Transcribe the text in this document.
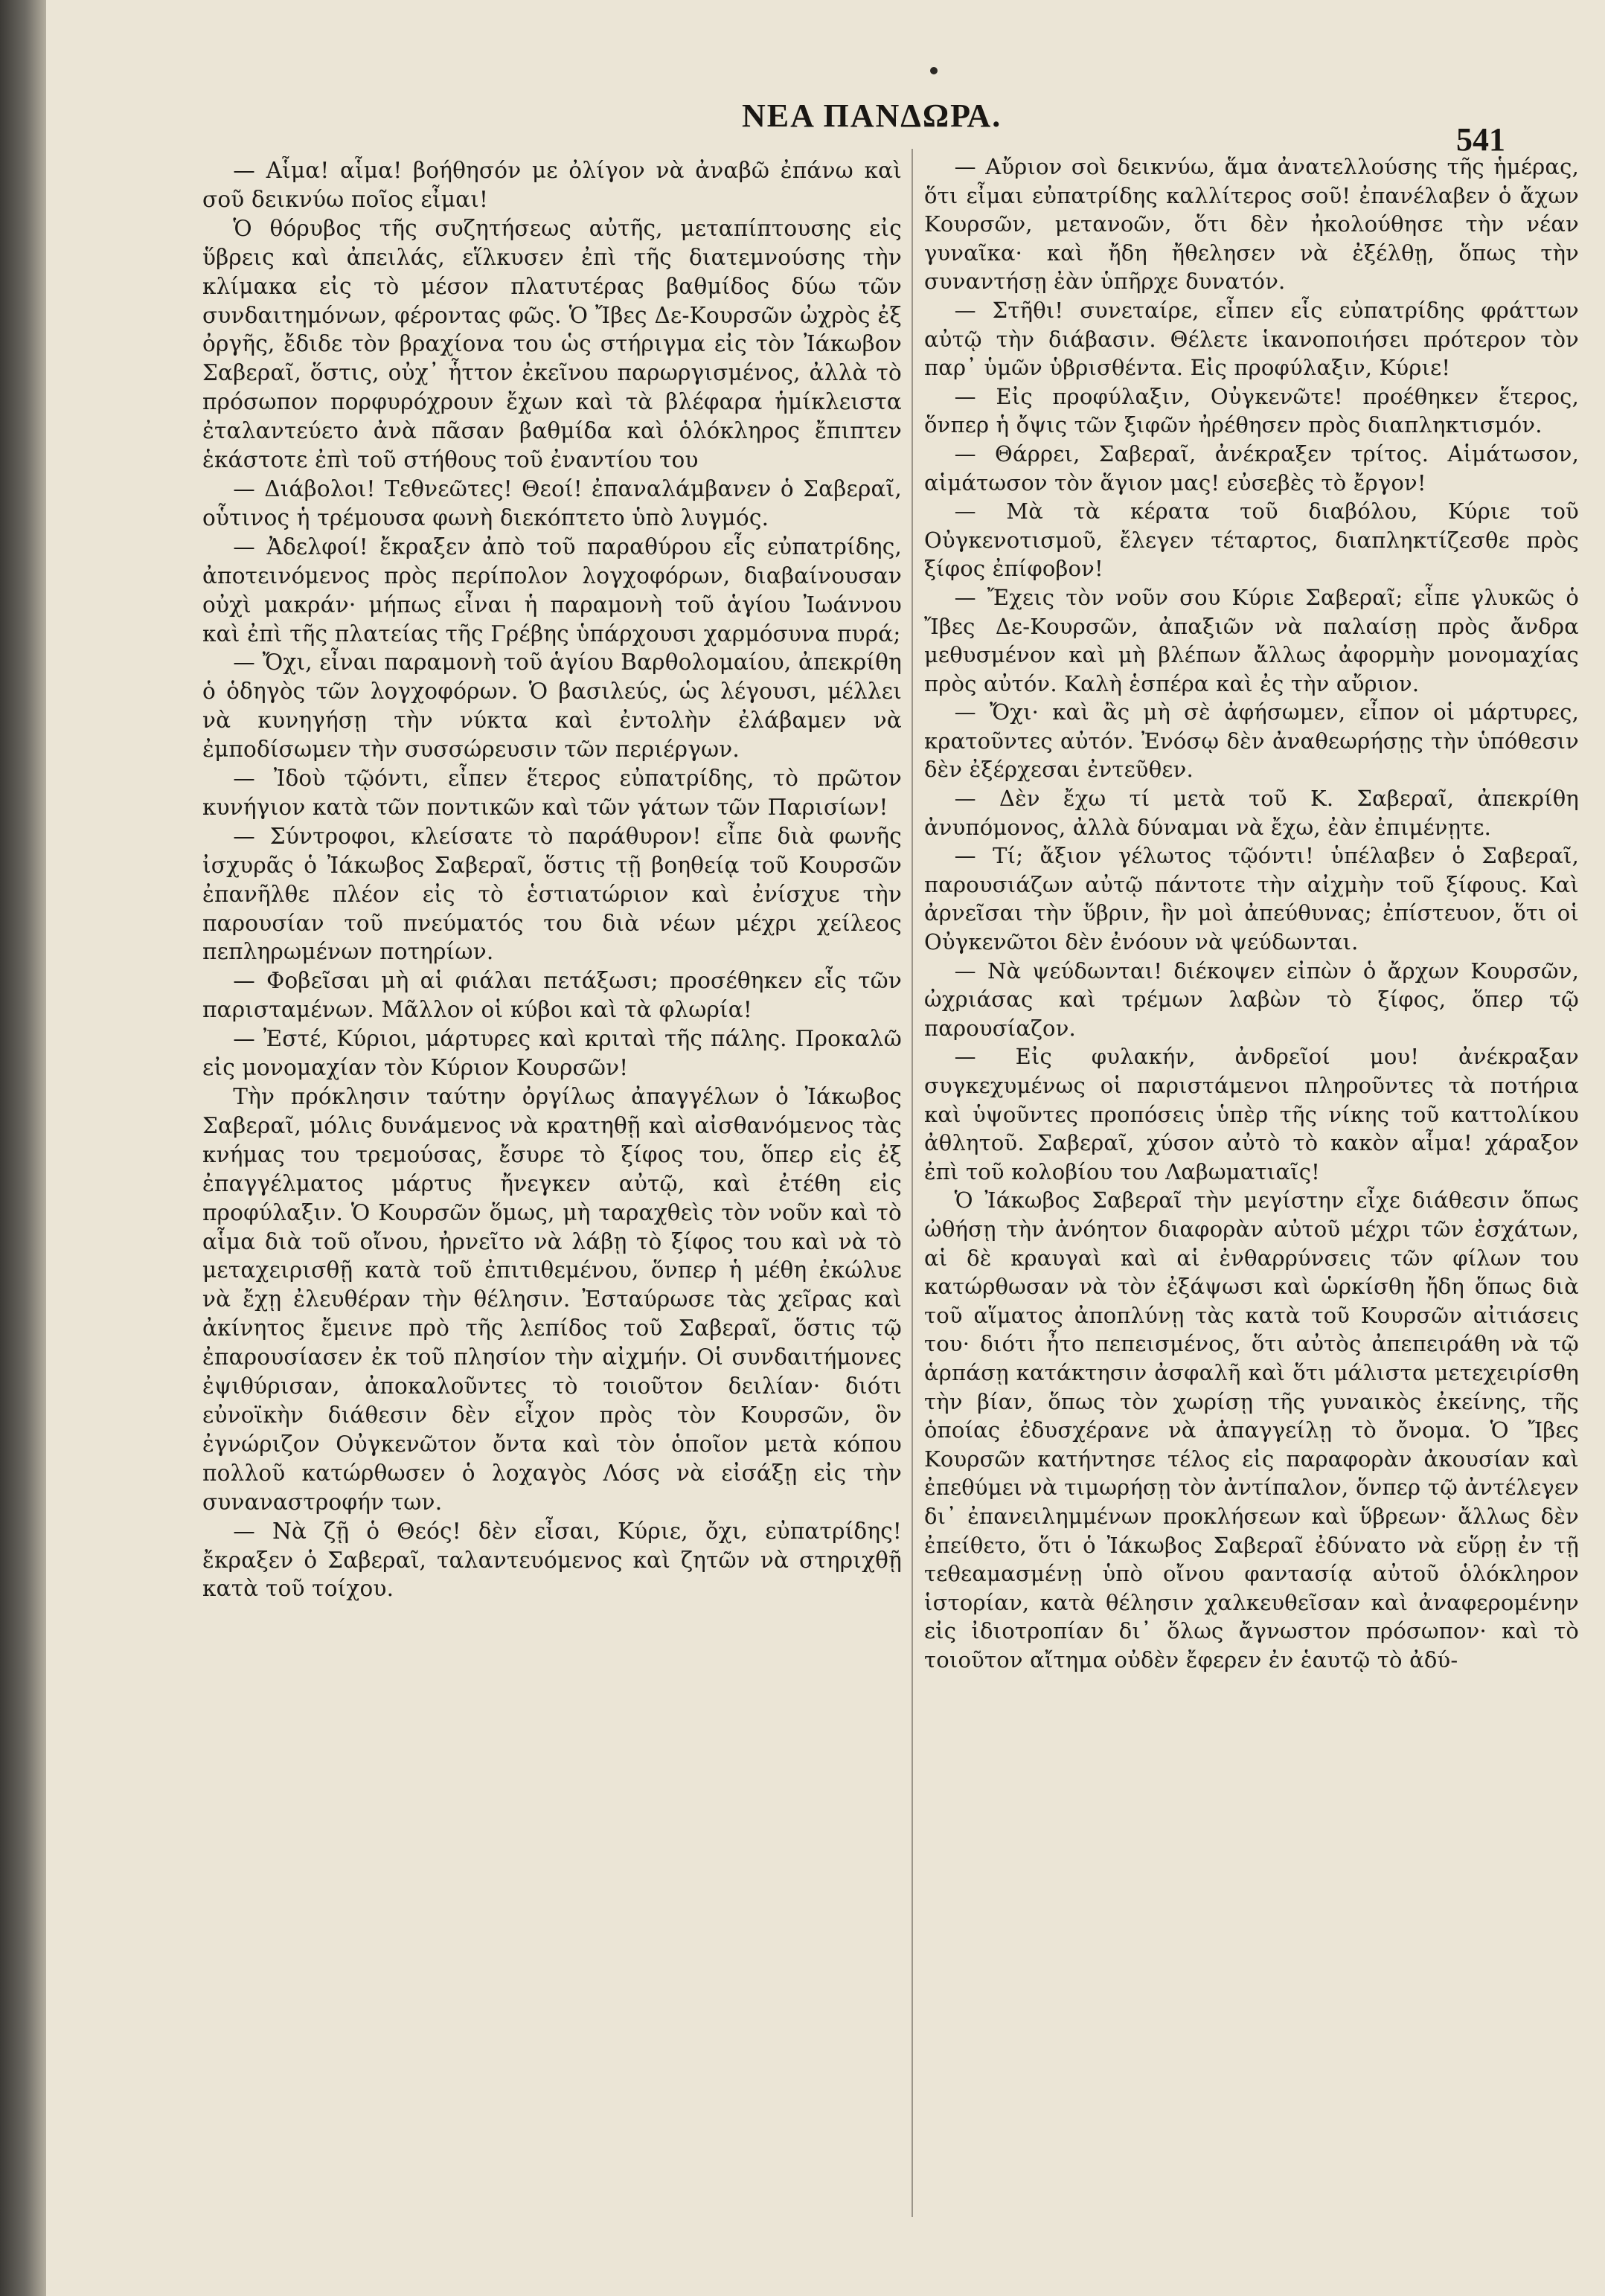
ΝΕΑ ΠΑΝΔΩΡΑ.
541

— Αἷμα! αἷμα! βοήθησόν με ὀλίγον νὰ ἀναβῶ ἐπάνω καὶ σοῦ δεικνύω ποῖος εἶμαι!

Ὁ θόρυβος τῆς συζητήσεως αὐτῆς, μεταπίπτουσης εἰς ὕβρεις καὶ ἀπειλάς, εἵλκυσεν ἐπὶ τῆς διατεμνούσης τὴν κλίμακα εἰς τὸ μέσον πλατυτέρας βαθμίδος δύω τῶν συνδαιτημόνων, φέροντας φῶς. Ὁ Ἴβες Δε-Κουρσῶν ὠχρὸς ἐξ ὀργῆς, ἔδιδε τὸν βραχίονα του ὡς στήριγμα εἰς τὸν Ἰάκωβον Σαβεραῖ, ὅστις, οὐχ᾽ ἧττον ἐκεῖνου παρωργισμένος, ἀλλὰ τὸ πρόσωπον πορφυρόχρουν ἔχων καὶ τὰ βλέφαρα ἡμίκλειστα ἐταλαντεύετο ἀνὰ πᾶσαν βαθμίδα καὶ ὁλόκληρος ἔπιπτεν ἑκάστοτε ἐπὶ τοῦ στήθους τοῦ ἐναντίου του

— Διάβολοι! Τεθνεῶτες! Θεοί! ἐπαναλάμβανεν ὁ Σαβεραῖ, οὗτινος ἡ τρέμουσα φωνὴ διεκόπτετο ὑπὸ λυγμός.

— Ἀδελφοί! ἔκραξεν ἀπὸ τοῦ παραθύρου εἷς εὐπατρίδης, ἀποτεινόμενος πρὸς περίπολον λογχοφόρων, διαβαίνουσαν οὐχὶ μακράν· μήπως εἶναι ἡ παραμονὴ τοῦ ἁγίου Ἰωάννου καὶ ἐπὶ τῆς πλατείας τῆς Γρέβης ὑπάρχουσι χαρμόσυνα πυρά;

— Ὄχι, εἶναι παραμονὴ τοῦ ἁγίου Βαρθολομαίου, ἀπεκρίθη ὁ ὁδηγὸς τῶν λογχοφόρων. Ὁ βασιλεύς, ὡς λέγουσι, μέλλει νὰ κυνηγήσῃ τὴν νύκτα καὶ ἐντολὴν ἐλάβαμεν νὰ ἐμποδίσωμεν τὴν συσσώρευσιν τῶν περιέργων.

— Ἰδοὺ τῷόντι, εἶπεν ἕτερος εὐπατρίδης, τὸ πρῶτον κυνήγιον κατὰ τῶν ποντικῶν καὶ τῶν γάτων τῶν Παρισίων!

— Σύντροφοι, κλείσατε τὸ παράθυρον! εἶπε διὰ φωνῆς ἰσχυρᾶς ὁ Ἰάκωβος Σαβεραῖ, ὅστις τῇ βοηθείᾳ τοῦ Κουρσῶν ἐπανῆλθε πλέον εἰς τὸ ἑστιατώριον καὶ ἐνίσχυε τὴν παρουσίαν τοῦ πνεύματός του διὰ νέων μέχρι χείλεος πεπληρωμένων ποτηρίων.

— Φοβεῖσαι μὴ αἱ φιάλαι πετάξωσι; προσέθηκεν εἷς τῶν παρισταμένων. Μᾶλλον οἱ κύβοι καὶ τὰ φλωρία!

— Ἐστέ, Κύριοι, μάρτυρες καὶ κριταὶ τῆς πάλης. Προκαλῶ εἰς μονομαχίαν τὸν Κύριον Κουρσῶν!

Τὴν πρόκλησιν ταύτην ὀργίλως ἀπαγγέλων ὁ Ἰάκωβος Σαβεραῖ, μόλις δυνάμενος νὰ κρατηθῇ καὶ αἰσθανόμενος τὰς κνήμας του τρεμούσας, ἔσυρε τὸ ξίφος του, ὅπερ εἰς ἐξ ἐπαγγέλματος μάρτυς ἤνεγκεν αὐτῷ, καὶ ἐτέθη εἰς προφύλαξιν. Ὁ Κουρσῶν ὅμως, μὴ ταραχθεὶς τὸν νοῦν καὶ τὸ αἷμα διὰ τοῦ οἴνου, ἠρνεῖτο νὰ λάβῃ τὸ ξίφος του καὶ νὰ τὸ μεταχειρισθῇ κατὰ τοῦ ἐπιτιθεμένου, ὅνπερ ἡ μέθη ἐκώλυε νὰ ἔχῃ ἐλευθέραν τὴν θέλησιν. Ἐσταύρωσε τὰς χεῖρας καὶ ἀκίνητος ἔμεινε πρὸ τῆς λεπίδος τοῦ Σαβεραῖ, ὅστις τῷ ἐπαρουσίασεν ἐκ τοῦ πλησίον τὴν αἰχμήν. Οἱ συνδαιτήμονες ἐψιθύρισαν, ἀποκαλοῦντες τὸ τοιοῦτον δειλίαν· διότι εὐνοϊκὴν διάθεσιν δὲν εἶχον πρὸς τὸν Κουρσῶν, ὃν ἐγνώριζον Οὐγκενῶτον ὄντα καὶ τὸν ὁποῖον μετὰ κόπου πολλοῦ κατώρθωσεν ὁ λοχαγὸς Λόσς νὰ εἰσάξῃ εἰς τὴν συναναστροφήν των.

— Νὰ ζῇ ὁ Θεός! δὲν εἶσαι, Κύριε, ὄχι, εὐπατρίδης! ἔκραξεν ὁ Σαβεραῖ, ταλαντευόμενος καὶ ζητῶν νὰ στηριχθῇ κατὰ τοῦ τοίχου.

— Αὔριον σοὶ δεικνύω, ἅμα ἀνατελλούσης τῆς ἡμέρας, ὅτι εἶμαι εὐπατρίδης καλλίτερος σοῦ! ἐπανέλαβεν ὁ ἄχων Κουρσῶν, μετανοῶν, ὅτι δὲν ἠκολούθησε τὴν νέαν γυναῖκα· καὶ ἤδη ἤθελησεν νὰ ἐξέλθῃ, ὅπως τὴν συναντήσῃ ἐὰν ὑπῆρχε δυνατόν.

— Στῆθι! συνεταίρε, εἶπεν εἷς εὐπατρίδης φράττων αὐτῷ τὴν διάβασιν. Θέλετε ἱκανοποιήσει πρότερον τὸν παρ᾽ ὑμῶν ὑβρισθέντα. Εἰς προφύλαξιν, Κύριε!

— Εἰς προφύλαξιν, Οὐγκενῶτε! προέθηκεν ἕτερος, ὅνπερ ἡ ὄψις τῶν ξιφῶν ἠρέθησεν πρὸς διαπληκτισμόν.

— Θάρρει, Σαβεραῖ, ἀνέκραξεν τρίτος. Αἱμάτωσον, αἱμάτωσον τὸν ἅγιον μας! εὐσεβὲς τὸ ἔργον!

— Μὰ τὰ κέρατα τοῦ διαβόλου, Κύριε τοῦ Οὐγκενοτισμοῦ, ἔλεγεν τέταρτος, διαπληκτίζεσθε πρὸς ξίφος ἐπίφοβον!

— Ἔχεις τὸν νοῦν σου Κύριε Σαβεραῖ; εἶπε γλυκῶς ὁ Ἴβες Δε-Κουρσῶν, ἀπαξιῶν νὰ παλαίσῃ πρὸς ἄνδρα μεθυσμένον καὶ μὴ βλέπων ἄλλως ἀφορμὴν μονομαχίας πρὸς αὐτόν. Καλὴ ἑσπέρα καὶ ἐς τὴν αὔριον.

— Ὄχι· καὶ ἂς μὴ σὲ ἀφήσωμεν, εἶπον οἱ μάρτυρες, κρατοῦντες αὐτόν. Ἐνόσῳ δὲν ἀναθεωρήσῃς τὴν ὑπόθεσιν δὲν ἐξέρχεσαι ἐντεῦθεν.

— Δὲν ἔχω τί μετὰ τοῦ Κ. Σαβεραῖ, ἀπεκρίθη ἀνυπόμονος, ἀλλὰ δύναμαι νὰ ἔχω, ἐὰν ἐπιμένῃτε.

— Τί; ἄξιον γέλωτος τῷόντι! ὑπέλαβεν ὁ Σαβεραῖ, παρουσιάζων αὐτῷ πάντοτε τὴν αἰχμὴν τοῦ ξίφους. Καὶ ἀρνεῖσαι τὴν ὕβριν, ἣν μοὶ ἀπεύθυνας; ἐπίστευον, ὅτι οἱ Οὐγκενῶτοι δὲν ἐνόουν νὰ ψεύδωνται.

— Νὰ ψεύδωνται! διέκοψεν εἰπὼν ὁ ἄρχων Κουρσῶν, ὠχριάσας καὶ τρέμων λαβὼν τὸ ξίφος, ὅπερ τῷ παρουσίαζον.

— Εἰς φυλακήν, ἀνδρεῖοί μου! ἀνέκραξαν συγκεχυμένως οἱ παριστάμενοι πληροῦντες τὰ ποτήρια καὶ ὑψοῦντες προπόσεις ὑπὲρ τῆς νίκης τοῦ καττολίκου ἀθλητοῦ. Σαβεραῖ, χύσον αὐτὸ τὸ κακὸν αἷμα! χάραξον ἐπὶ τοῦ κολοβίου του Λαβωματιαῖς!

Ὁ Ἰάκωβος Σαβεραῖ τὴν μεγίστην εἶχε διάθεσιν ὅπως ὠθήσῃ τὴν ἀνόητον διαφορὰν αὐτοῦ μέχρι τῶν ἐσχάτων, αἱ δὲ κραυγαὶ καὶ αἱ ἐνθαρρύνσεις τῶν φίλων του κατώρθωσαν νὰ τὸν ἐξάψωσι καὶ ὡρκίσθη ἤδη ὅπως διὰ τοῦ αἵματος ἀποπλύνῃ τὰς κατὰ τοῦ Κουρσῶν αἰτιάσεις του· διότι ἦτο πεπεισμένος, ὅτι αὐτὸς ἀπεπειράθη νὰ τῷ ἁρπάσῃ κατάκτησιν ἀσφαλῆ καὶ ὅτι μάλιστα μετεχειρίσθη τὴν βίαν, ὅπως τὸν χωρίσῃ τῆς γυναικὸς ἐκείνης, τῆς ὁποίας ἐδυσχέρανε νὰ ἀπαγγείλῃ τὸ ὄνομα. Ὁ Ἴβες Κουρσῶν κατήντησε τέλος εἰς παραφορὰν ἀκουσίαν καὶ ἐπεθύμει νὰ τιμωρήσῃ τὸν ἀντίπαλον, ὅνπερ τῷ ἀντέλεγεν δι᾽ ἐπανειλημμένων προκλήσεων καὶ ὕβρεων· ἄλλως δὲν ἐπείθετο, ὅτι ὁ Ἰάκωβος Σαβεραῖ ἐδύνατο νὰ εὕρῃ ἐν τῇ τεθεαμασμένῃ ὑπὸ οἴνου φαντασίᾳ αὐτοῦ ὁλόκληρον ἱστορίαν, κατὰ θέλησιν χαλκευθεῖσαν καὶ ἀναφερομένην εἰς ἰδιοτροπίαν δι᾽ ὅλως ἄγνωστον πρόσωπον· καὶ τὸ τοιοῦτον αἴτημα οὐδὲν ἔφερεν ἐν ἑαυτῷ τὸ ἀδύ-
